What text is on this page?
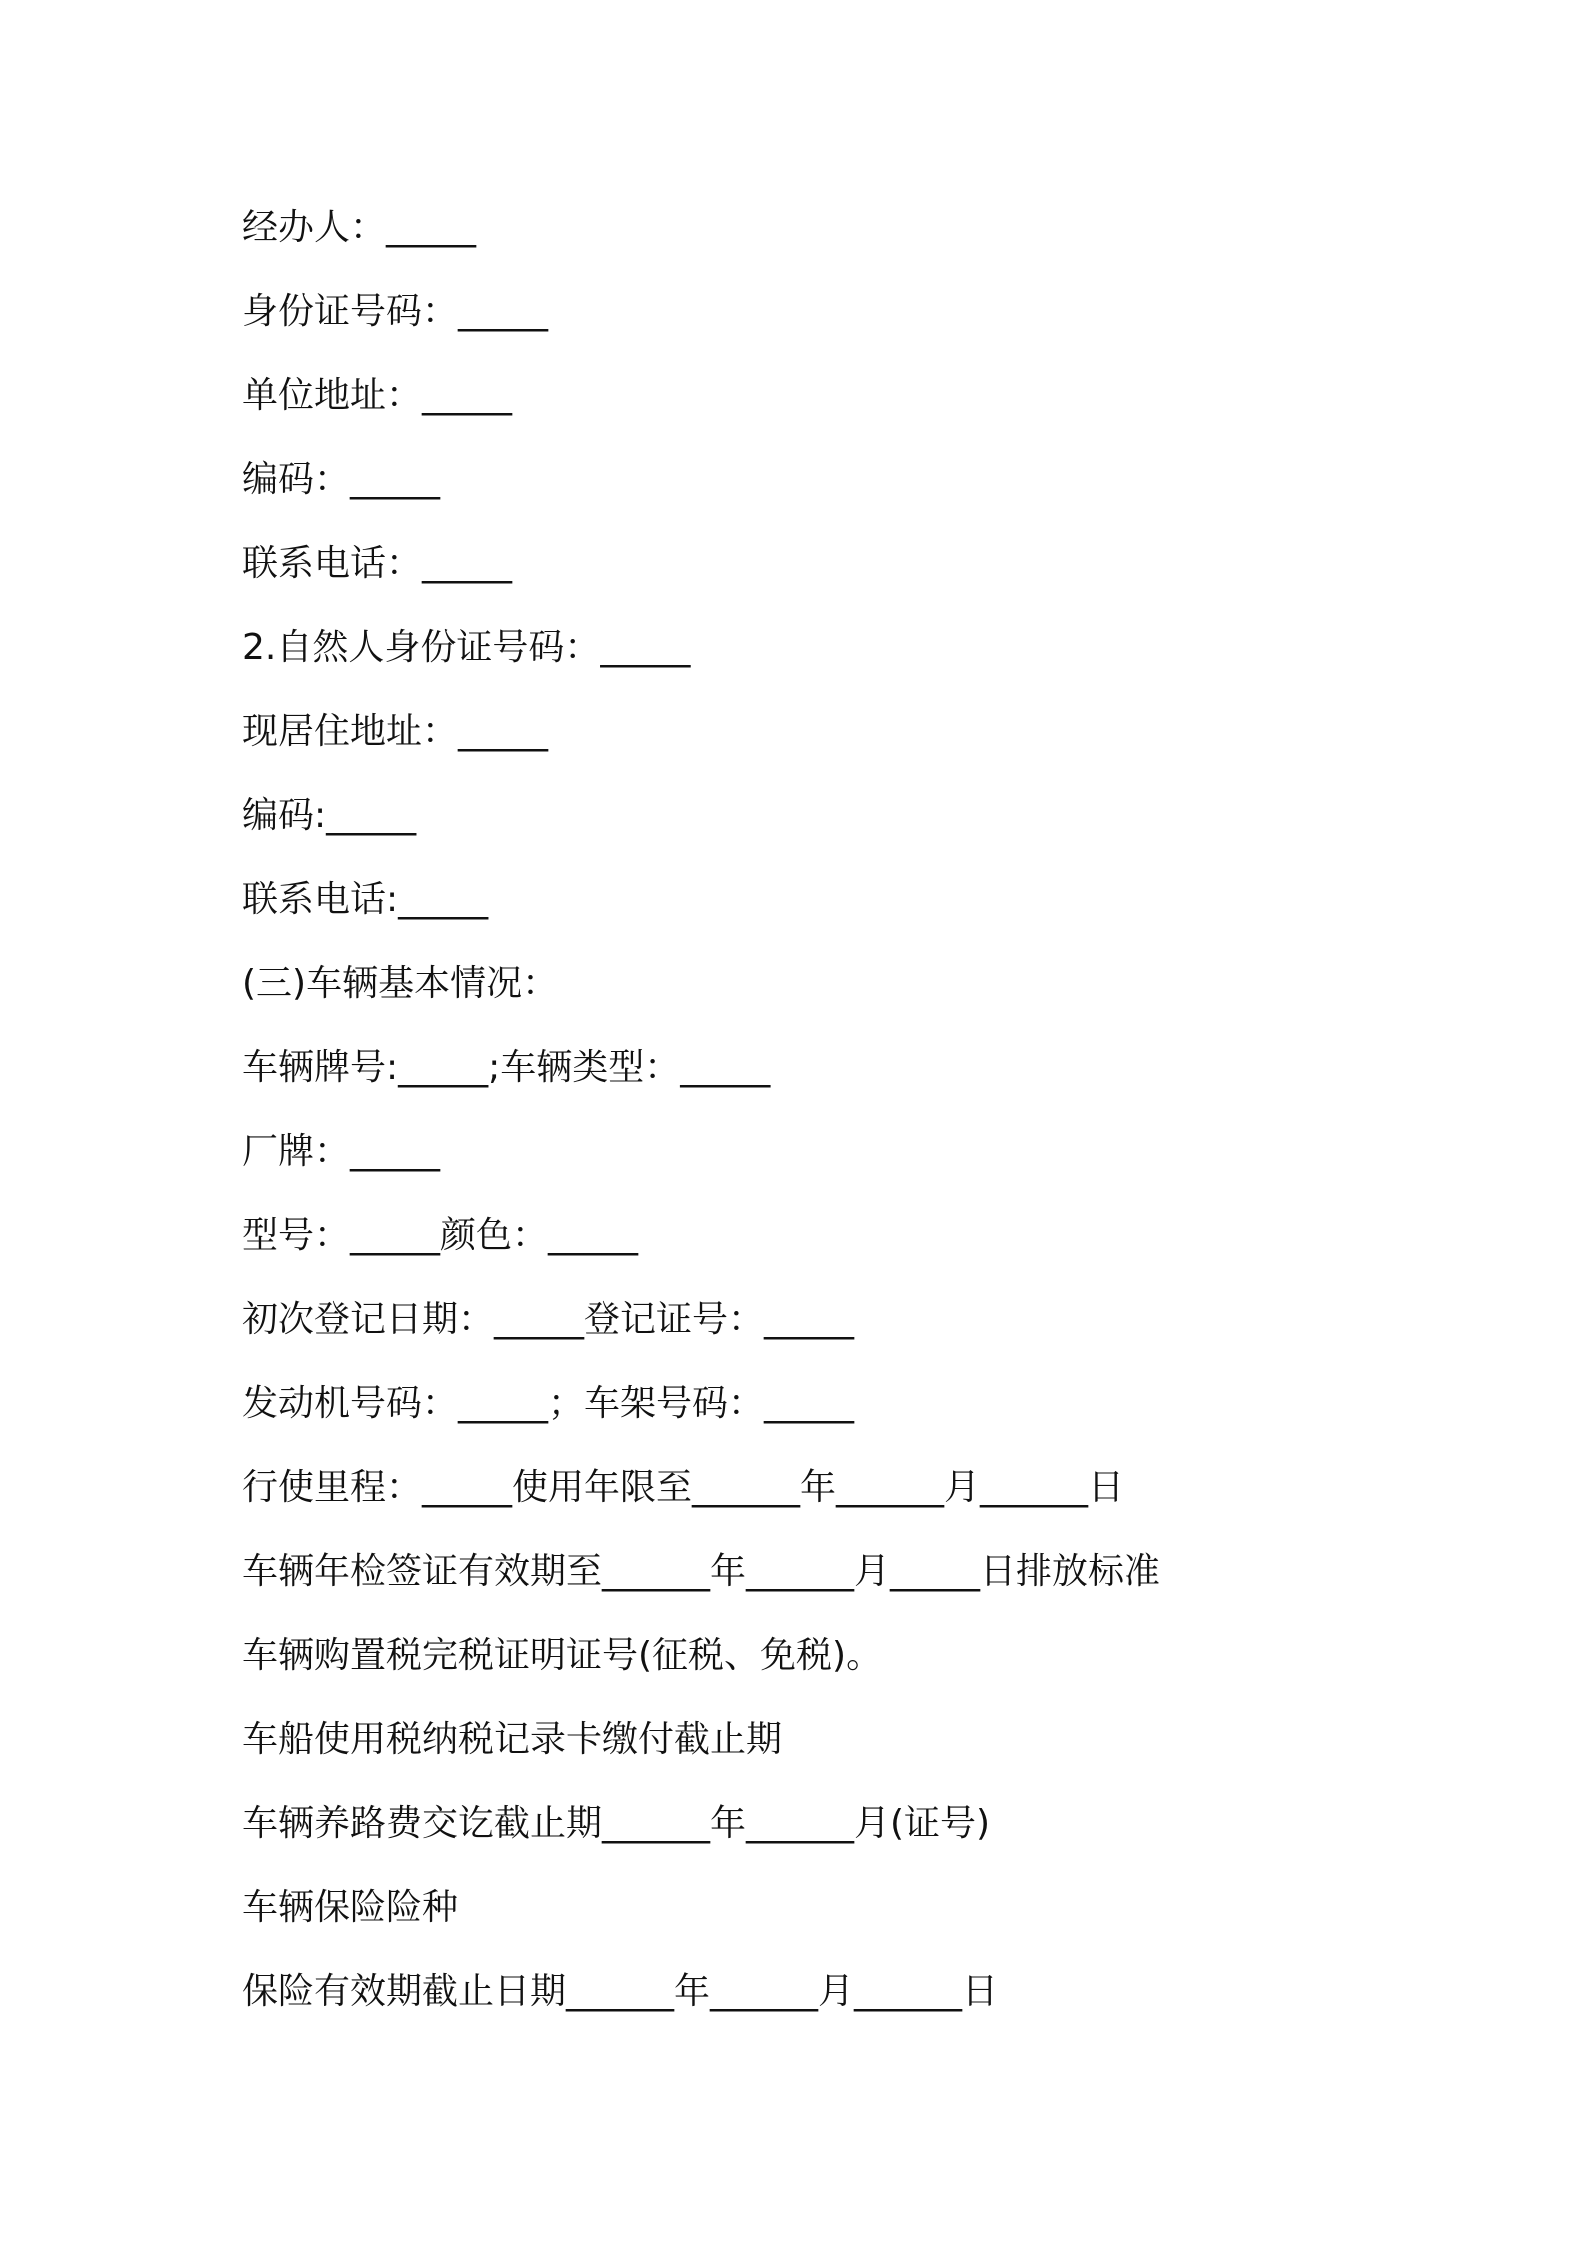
经办人：_____
身份证号码：_____
单位地址：_____
编码：_____
联系电话：_____
2.自然人身份证号码：_____
现居住地址：_____
编码:_____
联系电话:_____
(三)车辆基本情况：
车辆牌号:_____;车辆类型：_____
厂牌：_____
型号：_____颜色：_____
初次登记日期：_____登记证号：_____
发动机号码：_____；车架号码：_____
行使里程：_____使用年限至______年______月______日
车辆年检签证有效期至______年______月_____日排放标准
车辆购置税完税证明证号(征税、免税)。
车船使用税纳税记录卡缴付截止期
车辆养路费交讫截止期______年______月(证号)
车辆保险险种
保险有效期截止日期______年______月______日
